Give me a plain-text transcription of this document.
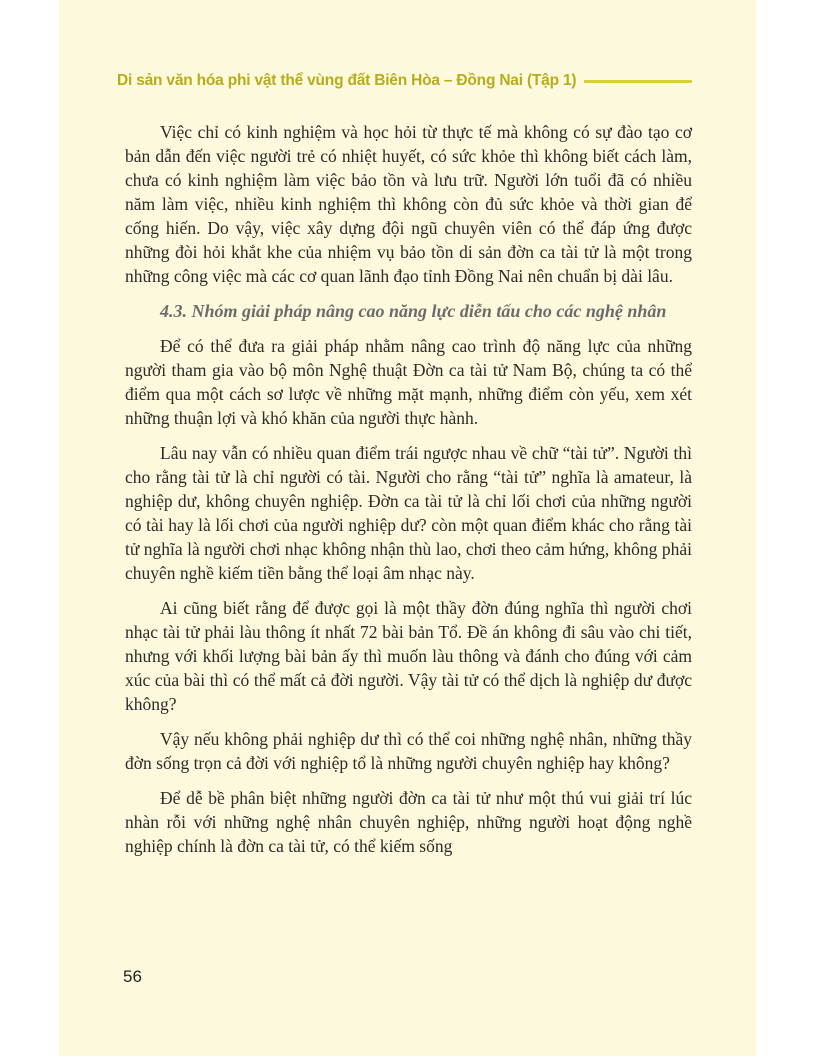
Di sản văn hóa phi vật thể vùng đất Biên Hòa – Đồng Nai (Tập 1)

Việc chỉ có kinh nghiệm và học hỏi từ thực tế mà không có sự đào tạo cơ bản dẫn đến việc người trẻ có nhiệt huyết, có sức khỏe thì không biết cách làm, chưa có kinh nghiệm làm việc bảo tồn và lưu trữ. Người lớn tuổi đã có nhiều năm làm việc, nhiều kinh nghiệm thì không còn đủ sức khỏe và thời gian để cống hiến. Do vậy, việc xây dựng đội ngũ chuyên viên có thể đáp ứng được những đòi hỏi khắt khe của nhiệm vụ bảo tồn di sản đờn ca tài tử là một trong những công việc mà các cơ quan lãnh đạo tỉnh Đồng Nai nên chuẩn bị dài lâu.

4.3. Nhóm giải pháp nâng cao năng lực diễn tấu cho các nghệ nhân

Để có thể đưa ra giải pháp nhằm nâng cao trình độ năng lực của những người tham gia vào bộ môn Nghệ thuật Đờn ca tài tử Nam Bộ, chúng ta có thể điểm qua một cách sơ lược về những mặt mạnh, những điểm còn yếu, xem xét những thuận lợi và khó khăn của người thực hành.

Lâu nay vẫn có nhiều quan điểm trái ngược nhau về chữ “tài tử”. Người thì cho rằng tài tử là chỉ người có tài. Người cho rằng “tài tử” nghĩa là amateur, là nghiệp dư, không chuyên nghiệp. Đờn ca tài tử là chỉ lối chơi của những người có tài hay là lối chơi của người nghiệp dư? còn một quan điểm khác cho rằng tài tử nghĩa là người chơi nhạc không nhận thù lao, chơi theo cảm hứng, không phải chuyên nghề kiếm tiền bằng thể loại âm nhạc này.

Ai cũng biết rằng để được gọi là một thầy đờn đúng nghĩa thì người chơi nhạc tài tử phải làu thông ít nhất 72 bài bản Tổ. Đề án không đi sâu vào chi tiết, nhưng với khối lượng bài bản ấy thì muốn làu thông và đánh cho đúng với cảm xúc của bài thì có thể mất cả đời người. Vậy tài tử có thể dịch là nghiệp dư được không?

Vậy nếu không phải nghiệp dư thì có thể coi những nghệ nhân, những thầy đờn sống trọn cả đời với nghiệp tổ là những người chuyên nghiệp hay không?

Để dễ bề phân biệt những người đờn ca tài tử như một thú vui giải trí lúc nhàn rỗi với những nghệ nhân chuyên nghiệp, những người hoạt động nghề nghiệp chính là đờn ca tài tử, có thể kiếm sống

56
